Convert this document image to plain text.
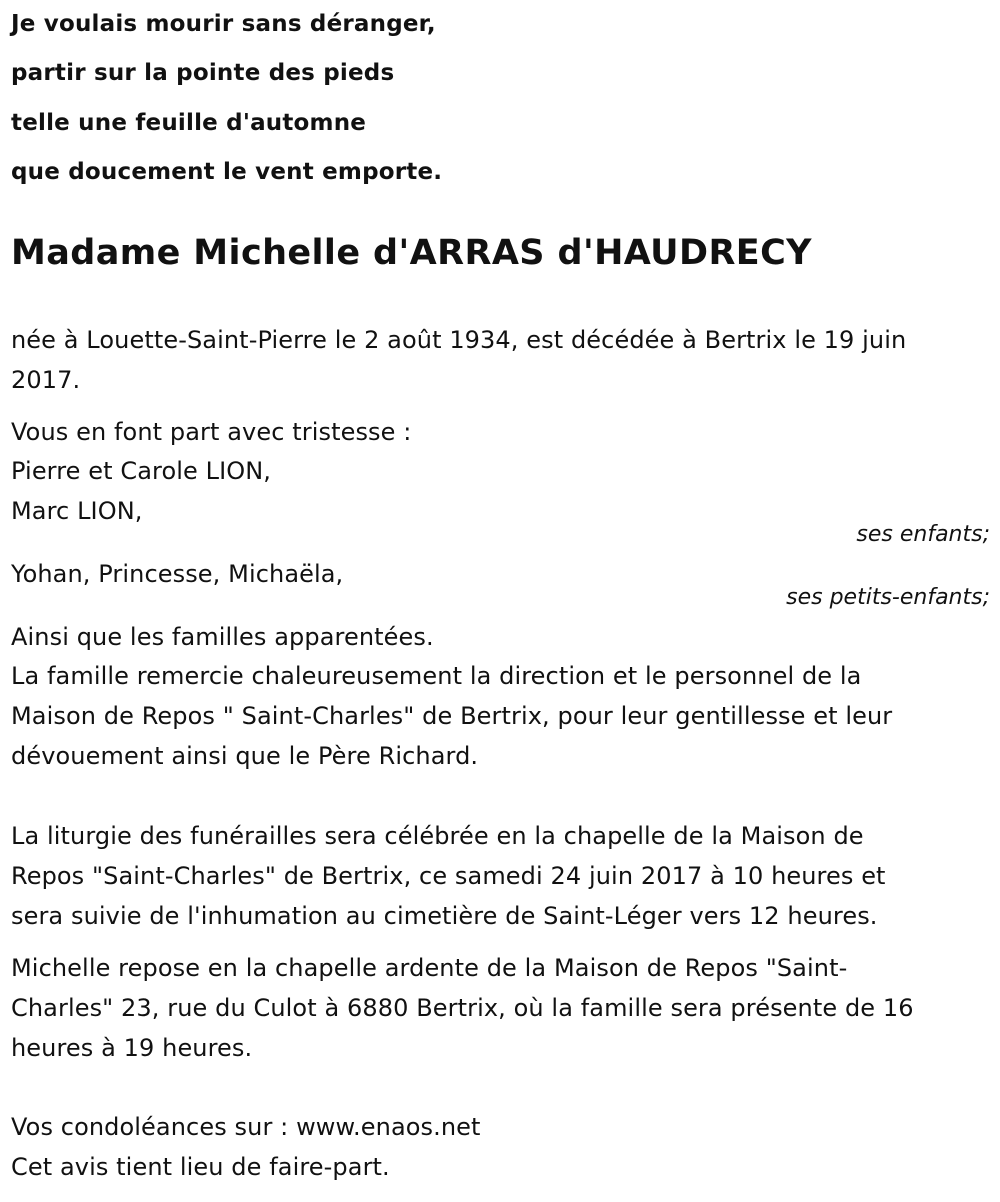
Je voulais mourir sans déranger,
partir sur la pointe des pieds
telle une feuille d'automne
que doucement le vent emporte.
Madame Michelle d'ARRAS d'HAUDRECY
née à Louette-Saint-Pierre le 2 août 1934, est décédée à Bertrix le 19 juin
2017.
Vous en font part avec tristesse :
Pierre et Carole LION,
Marc LION,
ses enfants;
Yohan, Princesse, Michaëla,
ses petits-enfants;
Ainsi que les familles apparentées.
La famille remercie chaleureusement la direction et le personnel de la
Maison de Repos " Saint-Charles" de Bertrix, pour leur gentillesse et leur
dévouement ainsi que le Père Richard.
La liturgie des funérailles sera célébrée en la chapelle de la Maison de
Repos "Saint-Charles" de Bertrix, ce samedi 24 juin 2017 à 10 heures et
sera suivie de l'inhumation au cimetière de Saint-Léger vers 12 heures.
Michelle repose en la chapelle ardente de la Maison de Repos "Saint-
Charles" 23, rue du Culot à 6880 Bertrix, où la famille sera présente de 16
heures à 19 heures.
Vos condoléances sur : www.enaos.net
Cet avis tient lieu de faire-part.
